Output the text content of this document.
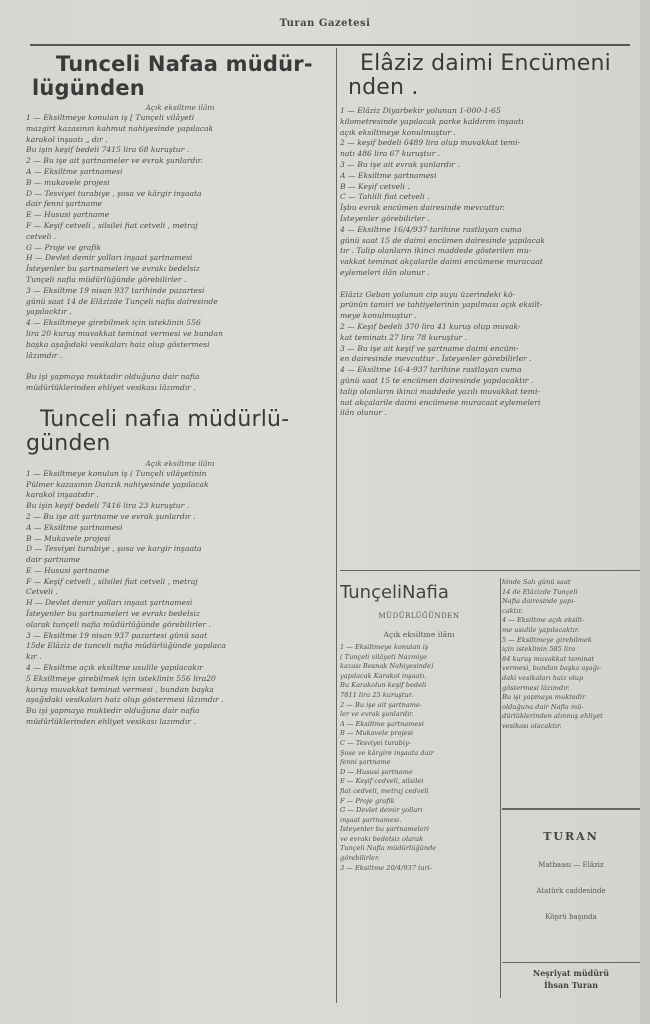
Turan Gazetesi
Tunceli Nafaa müdür-
lügünden
Açık eksiltme ilânı
1 — Eksiltmeye konulan iş [ Tunçeli vilâyeti
mazgirt kazasının kahmut nahiyesinde yapılacak
karakol inşaatı „ dır .
Bu işin keşif bedeli 7415 lira 68 kuruştur .
2 — Bu işe ait şartnameler ve evrak şunlardır.
A — Eksiltme şartnamesi
B — mukavele projesi
D — Tesviyei turabiye , şosa ve kârgir inşaata
dair fenni şartname
E — Hususi şartname
F — Keşif cetveli , silsilei fiat cetveli , metraj
cetveli .
G — Proje ve grafik
H — Devlet demir yolları inşaat şartnamesi
İsteyenler bu şartnameleri ve evrakı bedelsiz
Tunçeli nafia müdürlüğünde görebilirler .
3 — Eksiltme 19 nisan 937 tarihinde pazartesi
günü saat 14 de Elâzizde Tunçeli nafia dairesinde
yapılacktır .
4 — Eksiltmeye girebilmek için isteklinin 556
lira 20 kuruş muvakkat teminat vermesi ve bundan
başka aşağıdaki vesikaları haiz olup göstermesi
lâzımdır .

Bu işi yapmaya muktadir olduğuna dair nafia
müdürlüklerinden ehliyet vesikası lâzımdır .
Tunceli nafıa müdürlü-
günden
Açık eksiltme ilânı
1 — Eksiltmeye konulan iş ( Tunçeli vilâyetinin
Pülmer kazasının Danzık nahiyesinde yapılacak
karakol inşaatıdır .
Bu işin keşif bedeli 7416 lira 23 kuruştur .
2 — Bu işe ait şartname ve evrak şunlardır .
A — Eksiltme şartnamesi
B — Mukavele projesi
D — Tesviyei turabiye , şosa ve kargir inşaata
dair şartname
E — Hususi şartname
F — Keşif cetveli , silsilei fiat cetveli , metraj
Cetveli .
H — Devlet demir yolları inşaat şartnamesi
İsteyenler bu şartnameleri ve evrakı bedelsiz
olarak tunçeli nafia müdürlüğünde görebilirler .
3 — Eksiltme 19 nisan 937 pazartesi günü saat
15de Elâziz de tunceli nafia müdürlüğünde yapılaca
kır .
4 — Eksiltme açık eksiltme usulile yapılacakır
5 Eksiltmeye girebilmek için isteklinin 556 lira20
kuruş muvakkat teminat vermesi , bundan başka
aşağıdaki vesikaları haiz olup göstermesi lâzımdır .
Bu işi yapmaya muktedir olduğuna dair nafia
müdürlüklerinden ehliyet vesikası lazımdır .
Elâziz daimi Encümeni
nden .
1 — Elâziz Diyarbekir yolunun 1-000-1-65
kilometresinde yapılacak parke kaldırım inşaatı
açık eksiltmeye konulmuştur .
2 — keşif bedeli 6489 lira olup muvakkat temi-
natı 486 lira 67 kuruştur .
3 — Bu işe ait evrak şunlardır .
A — Eksiltme şartnamesi
B — Keşif cetveli .
C — Tahlili fiat cetveli .
İşbu evrak encümen dairesinde mevcuttur.
İsteyenler görebilirler .
4 — Eksiltme 16/4/937 tarihine rastlayan cuma
günü saat 15 de daimi encümen dairesinde yapılacak
tır . Talip olanların ikinci maddede gösterilen mu-
vakkat teminat akçalarile daimi encümene muracaat
eylemeleri ilân olunur .

Elâziz Geban yolunun cip suyu üzerindeki kö-
prünün tamiri ve tahtiyelerinin yapılması açık eksilt-
meye konulmuştur .
2 — Keşif bedeli 370 lira 41 kuruş olup muvak-
kat teminatı 27 lira 78 kuruştur .
3 — Bu işe ait keşif ve şartname daimi encüm-
en dairesinde mevcuttur . İsteyenler görebilirler .
4 — Eksiltme 16-4-937 tarihine rastlayan cuma
günü saat 15 te encümen dairesinde yapılacaktır .
talip olanların ikinci maddede yazılı muvakkat temi-
nat akçalarile daimi encümene muracaat eylemeleri
ilân olunur .
TunçeliNafia
MÜDÜRLÜĞÜNDEN
Açık eksiltme ilânı
1 — Eksiltmeye konulan iş
( Tunçeli vilâyeti Nazmiye
kazası Bosnak Nahiyesinde)
yapılacak Karakol inşaatı.
Bu Karakolun keşif bedeli
7811 lira 25 kuruştur.
2 — Bu işe ait şartname-
ler ve evrak şunlardır.
A — Eksiltme şartnamesi
B — Mukavele projesi
C — Tesviyei turabiy-
Şose ve kârgire inşaata dair
fenni şartname
D — Hususi şartname
E — Keşif cedveli, silsilei
fiat cedveli, metraj cedveli
F — Proje grafik
G — Devlet demir yolları
inşaat şartnamesi.
İsteyenler bu şartnameleri
ve evrakı bedelsiz olarak
Tunçeli Nafia müdürlüğünde
görebilirler.
3 — Eksiltme 20/4/937 tari-
hinde Salı günü saat
14 de Elâzizde Tunçeli
Nafia dairesinde yapı-
caktır.
4 — Eksiltme açık eksilt-
me usulile yapılacaktır.
5 — Eksiltmeye girebilmek
için isteklinin 585 lira
84 kuruş muvakkat teminat
vermesi, bundan başka aşağı-
daki vesikaları haiz olup
göstermesi lâzımdır.
Bu işi yapmaya muktedir
olduğuna dair Nafia mü-
dürlüklerinden alınmış ehliyet
vesikası olacaktır.
TURAN
Matbaası — Elâziz
Atatürk caddesinde
Köprü başında
Neşriyat müdürü
İhsan Turan
